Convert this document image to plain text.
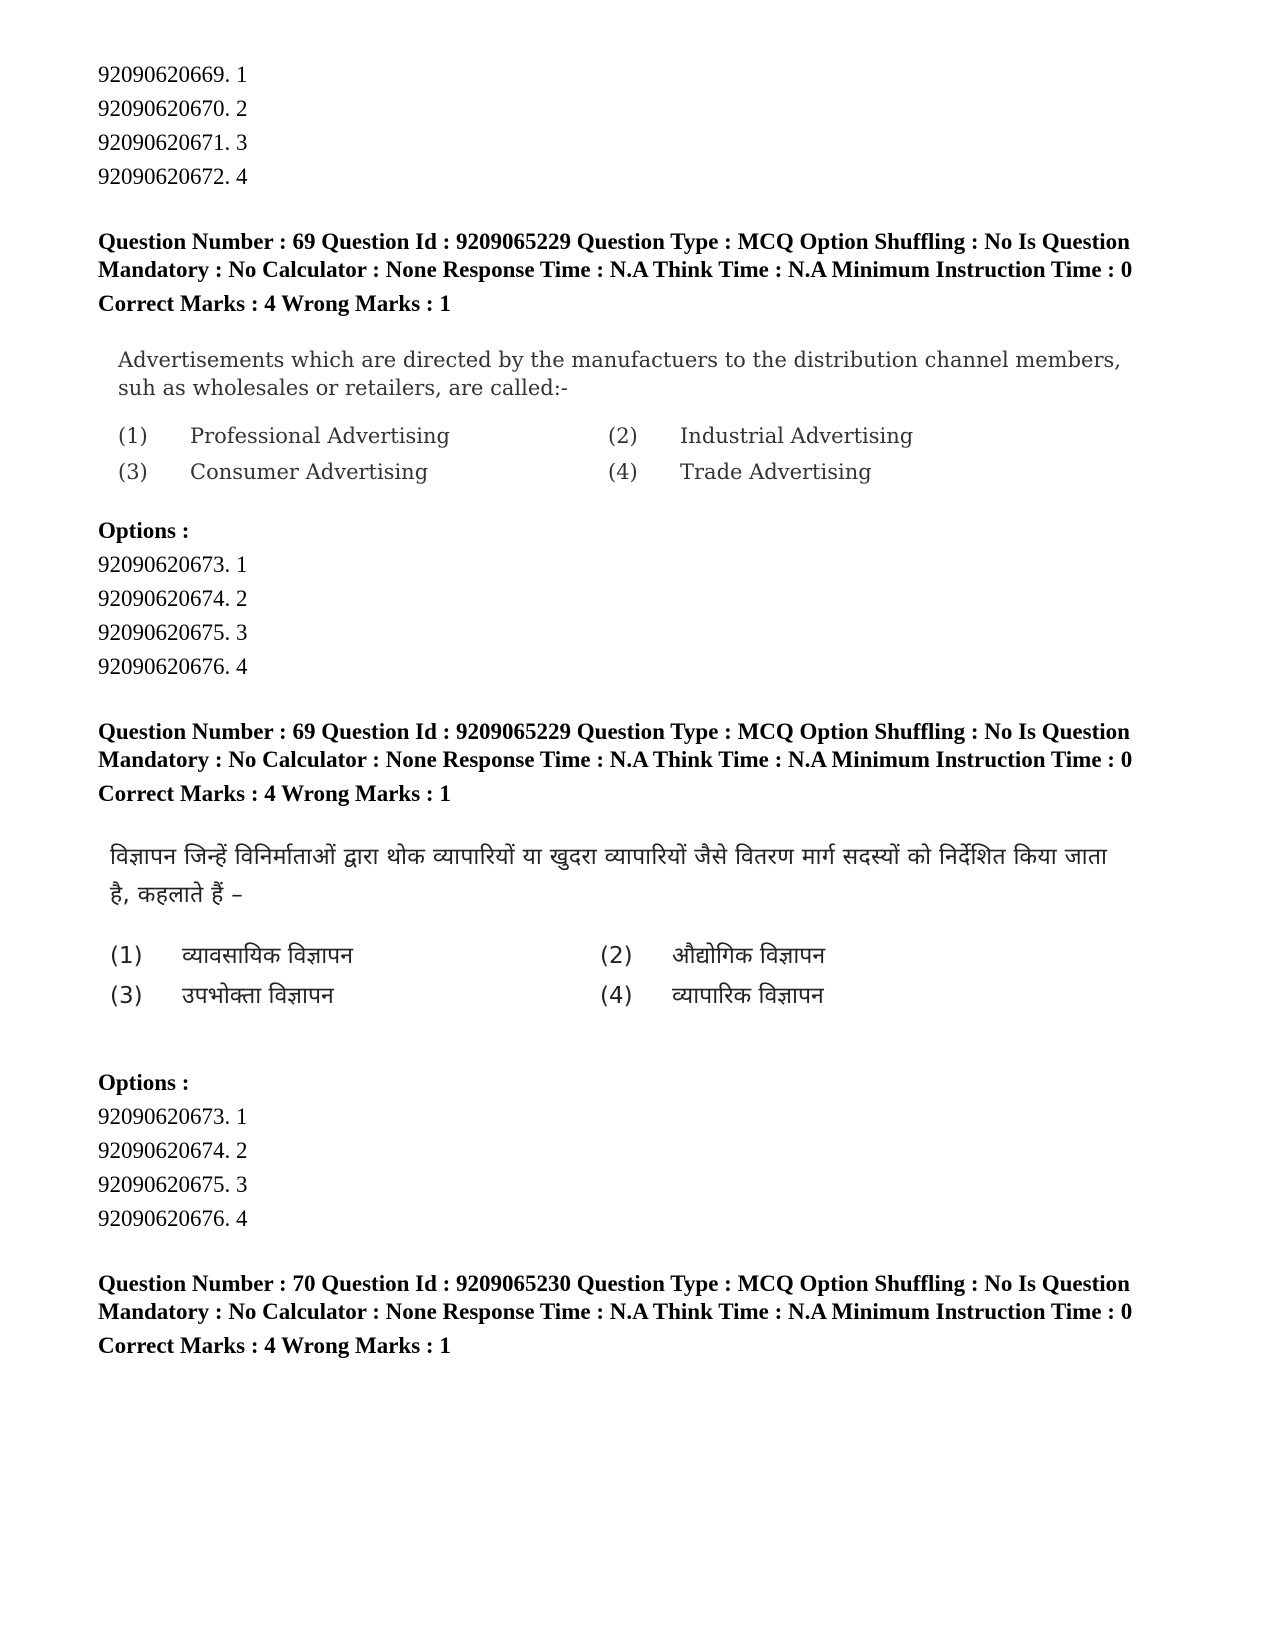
92090620669. 1
92090620670. 2
92090620671. 3
92090620672. 4
Question Number : 69 Question Id : 9209065229 Question Type : MCQ Option Shuffling : No Is Question Mandatory : No Calculator : None Response Time : N.A Think Time : N.A Minimum Instruction Time : 0
Correct Marks : 4 Wrong Marks : 1
Advertisements which are directed by the manufactuers to the distribution channel members, suh as wholesales or retailers, are called:-
(1)	Professional Advertising	(2)	Industrial Advertising
(3)	Consumer Advertising	(4)	Trade Advertising
Options :
92090620673. 1
92090620674. 2
92090620675. 3
92090620676. 4
Question Number : 69 Question Id : 9209065229 Question Type : MCQ Option Shuffling : No Is Question Mandatory : No Calculator : None Response Time : N.A Think Time : N.A Minimum Instruction Time : 0
Correct Marks : 4 Wrong Marks : 1
विज्ञापन जिन्हें विनिर्माताओं द्वारा थोक व्यापारियों या खुदरा व्यापारियों जैसे वितरण मार्ग सदस्यों को निर्देशित किया जाता है, कहलाते हैं –
(1)	व्यावसायिक विज्ञापन	(2)	औद्योगिक विज्ञापन
(3)	उपभोक्ता विज्ञापन	(4)	व्यापारिक विज्ञापन
Options :
92090620673. 1
92090620674. 2
92090620675. 3
92090620676. 4
Question Number : 70 Question Id : 9209065230 Question Type : MCQ Option Shuffling : No Is Question Mandatory : No Calculator : None Response Time : N.A Think Time : N.A Minimum Instruction Time : 0
Correct Marks : 4 Wrong Marks : 1
